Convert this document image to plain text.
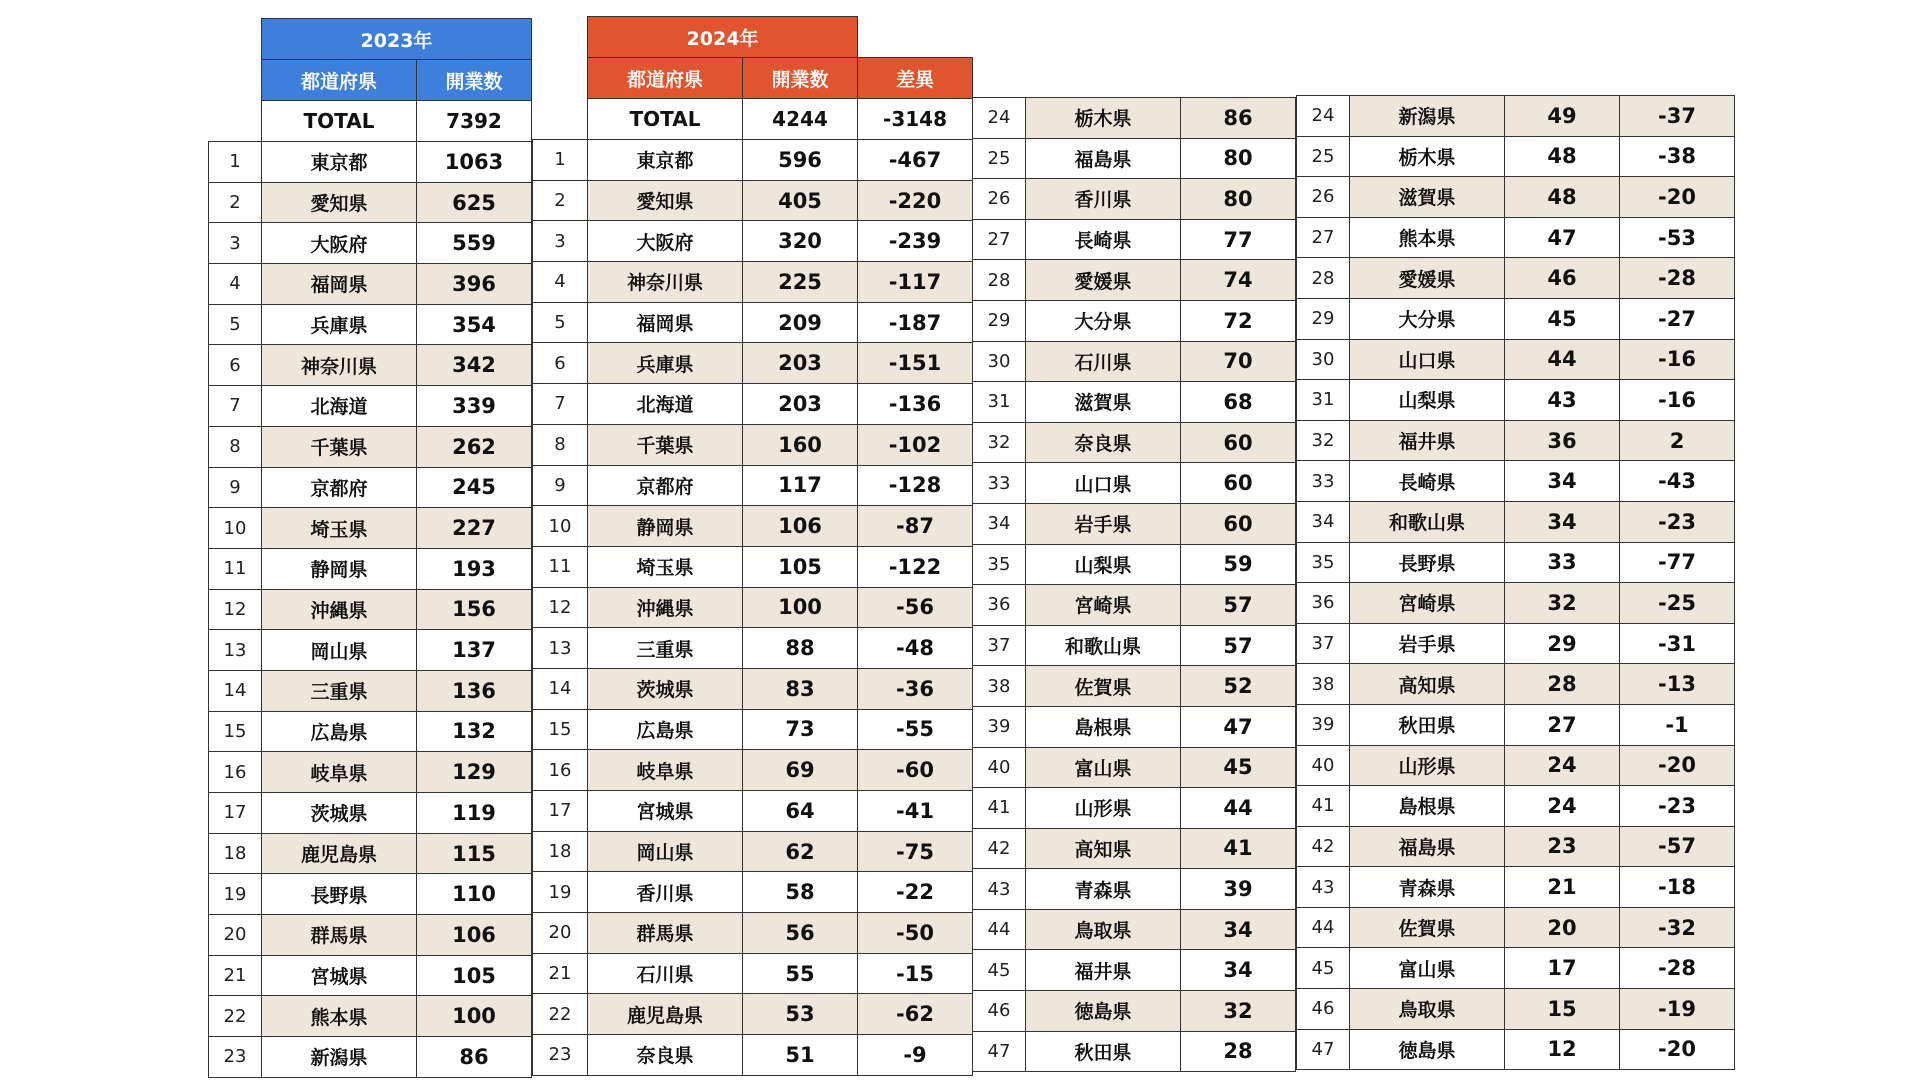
	2023年	
	都道府県	開業数
	TOTAL	7392
1	東京都	1063
2	愛知県	625
3	大阪府	559
4	福岡県	396
5	兵庫県	354
6	神奈川県	342
7	北海道	339
8	千葉県	262
9	京都府	245
10	埼玉県	227
11	静岡県	193
12	沖縄県	156
13	岡山県	137
14	三重県	136
15	広島県	132
16	岐阜県	129
17	茨城県	119
18	鹿児島県	115
19	長野県	110
20	群馬県	106
21	宮城県	105
22	熊本県	100
23	新潟県	86
	2024年		
	都道府県	開業数	差異
	TOTAL	4244	-3148
1	東京都	596	-467
2	愛知県	405	-220
3	大阪府	320	-239
4	神奈川県	225	-117
5	福岡県	209	-187
6	兵庫県	203	-151
7	北海道	203	-136
8	千葉県	160	-102
9	京都府	117	-128
10	静岡県	106	-87
11	埼玉県	105	-122
12	沖縄県	100	-56
13	三重県	88	-48
14	茨城県	83	-36
15	広島県	73	-55
16	岐阜県	69	-60
17	宮城県	64	-41
18	岡山県	62	-75
19	香川県	58	-22
20	群馬県	56	-50
21	石川県	55	-15
22	鹿児島県	53	-62
23	奈良県	51	-9
24	栃木県	86
25	福島県	80
26	香川県	80
27	長崎県	77
28	愛媛県	74
29	大分県	72
30	石川県	70
31	滋賀県	68
32	奈良県	60
33	山口県	60
34	岩手県	60
35	山梨県	59
36	宮崎県	57
37	和歌山県	57
38	佐賀県	52
39	島根県	47
40	富山県	45
41	山形県	44
42	高知県	41
43	青森県	39
44	鳥取県	34
45	福井県	34
46	徳島県	32
47	秋田県	28
24	新潟県	49	-37
25	栃木県	48	-38
26	滋賀県	48	-20
27	熊本県	47	-53
28	愛媛県	46	-28
29	大分県	45	-27
30	山口県	44	-16
31	山梨県	43	-16
32	福井県	36	2
33	長崎県	34	-43
34	和歌山県	34	-23
35	長野県	33	-77
36	宮崎県	32	-25
37	岩手県	29	-31
38	高知県	28	-13
39	秋田県	27	-1
40	山形県	24	-20
41	島根県	24	-23
42	福島県	23	-57
43	青森県	21	-18
44	佐賀県	20	-32
45	富山県	17	-28
46	鳥取県	15	-19
47	徳島県	12	-20
